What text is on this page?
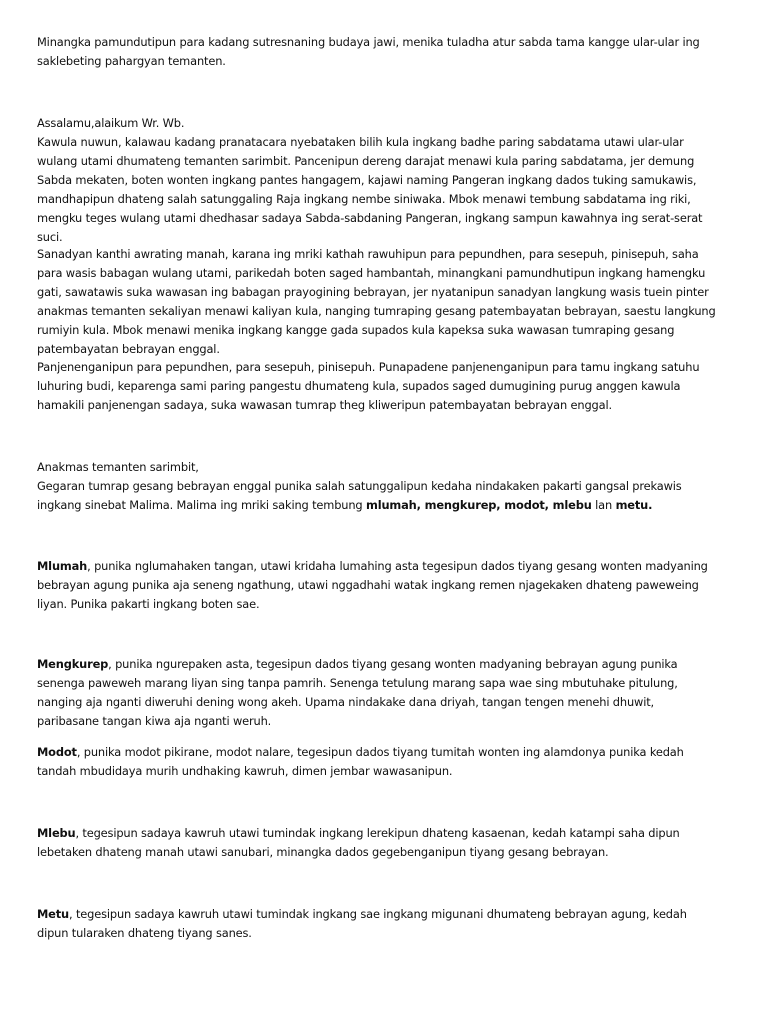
Minangka pamundutipun para kadang sutresnaning budaya jawi, menika tuladha atur sabda tama kangge ular-ular ing
saklebeting pahargyan temanten.
Assalamu,alaikum Wr. Wb.
Kawula nuwun, kalawau kadang pranatacara nyebataken bilih kula ingkang badhe paring sabdatama utawi ular-ular
wulang utami dhumateng temanten sarimbit. Pancenipun dereng darajat menawi kula paring sabdatama, jer demung
Sabda mekaten, boten wonten ingkang pantes hangagem, kajawi naming Pangeran ingkang dados tuking samukawis,
mandhapipun dhateng salah satunggaling Raja ingkang nembe siniwaka. Mbok menawi tembung sabdatama ing riki,
mengku teges wulang utami dhedhasar sadaya Sabda-sabdaning Pangeran, ingkang sampun kawahnya ing serat-serat
suci.
Sanadyan kanthi awrating manah, karana ing mriki kathah rawuhipun para pepundhen, para sesepuh, pinisepuh, saha
para wasis babagan wulang utami, parikedah boten saged hambantah, minangkani pamundhutipun ingkang hamengku
gati, sawatawis suka wawasan ing babagan prayogining bebrayan, jer nyatanipun sanadyan langkung wasis tuein pinter
anakmas temanten sekaliyan menawi kaliyan kula, nanging tumraping gesang patembayatan bebrayan, saestu langkung
rumiyin kula. Mbok menawi menika ingkang kangge gada supados kula kapeksa suka wawasan tumraping gesang
patembayatan bebrayan enggal.
Panjenenganipun para pepundhen, para sesepuh, pinisepuh. Punapadene panjenenganipun para tamu ingkang satuhu
luhuring budi, keparenga sami paring pangestu dhumateng kula, supados saged dumugining purug anggen kawula
hamakili panjenengan sadaya, suka wawasan tumrap theg kliweripun patembayatan bebrayan enggal.
Anakmas temanten sarimbit,
Gegaran tumrap gesang bebrayan enggal punika salah satunggalipun kedaha nindakaken pakarti gangsal prekawis
ingkang sinebat Malima. Malima ing mriki saking tembung mlumah, mengkurep, modot, mlebu lan metu.
Mlumah, punika nglumahaken tangan, utawi kridaha lumahing asta tegesipun dados tiyang gesang wonten madyaning
bebrayan agung punika aja seneng ngathung, utawi nggadhahi watak ingkang remen njagekaken dhateng paweweing
liyan. Punika pakarti ingkang boten sae.
Mengkurep, punika ngurepaken asta, tegesipun dados tiyang gesang wonten madyaning bebrayan agung punika
senenga paweweh marang liyan sing tanpa pamrih. Senenga tetulung marang sapa wae sing mbutuhake pitulung,
nanging aja nganti diweruhi dening wong akeh. Upama nindakake dana driyah, tangan tengen menehi dhuwit,
paribasane tangan kiwa aja nganti weruh.
Modot, punika modot pikirane, modot nalare, tegesipun dados tiyang tumitah wonten ing alamdonya punika kedah
tandah mbudidaya murih undhaking kawruh, dimen jembar wawasanipun.
Mlebu, tegesipun sadaya kawruh utawi tumindak ingkang lerekipun dhateng kasaenan, kedah katampi saha dipun
lebetaken dhateng manah utawi sanubari, minangka dados gegebenganipun tiyang gesang bebrayan.
Metu, tegesipun sadaya kawruh utawi tumindak ingkang sae ingkang migunani dhumateng bebrayan agung, kedah
dipun tularaken dhateng tiyang sanes.
